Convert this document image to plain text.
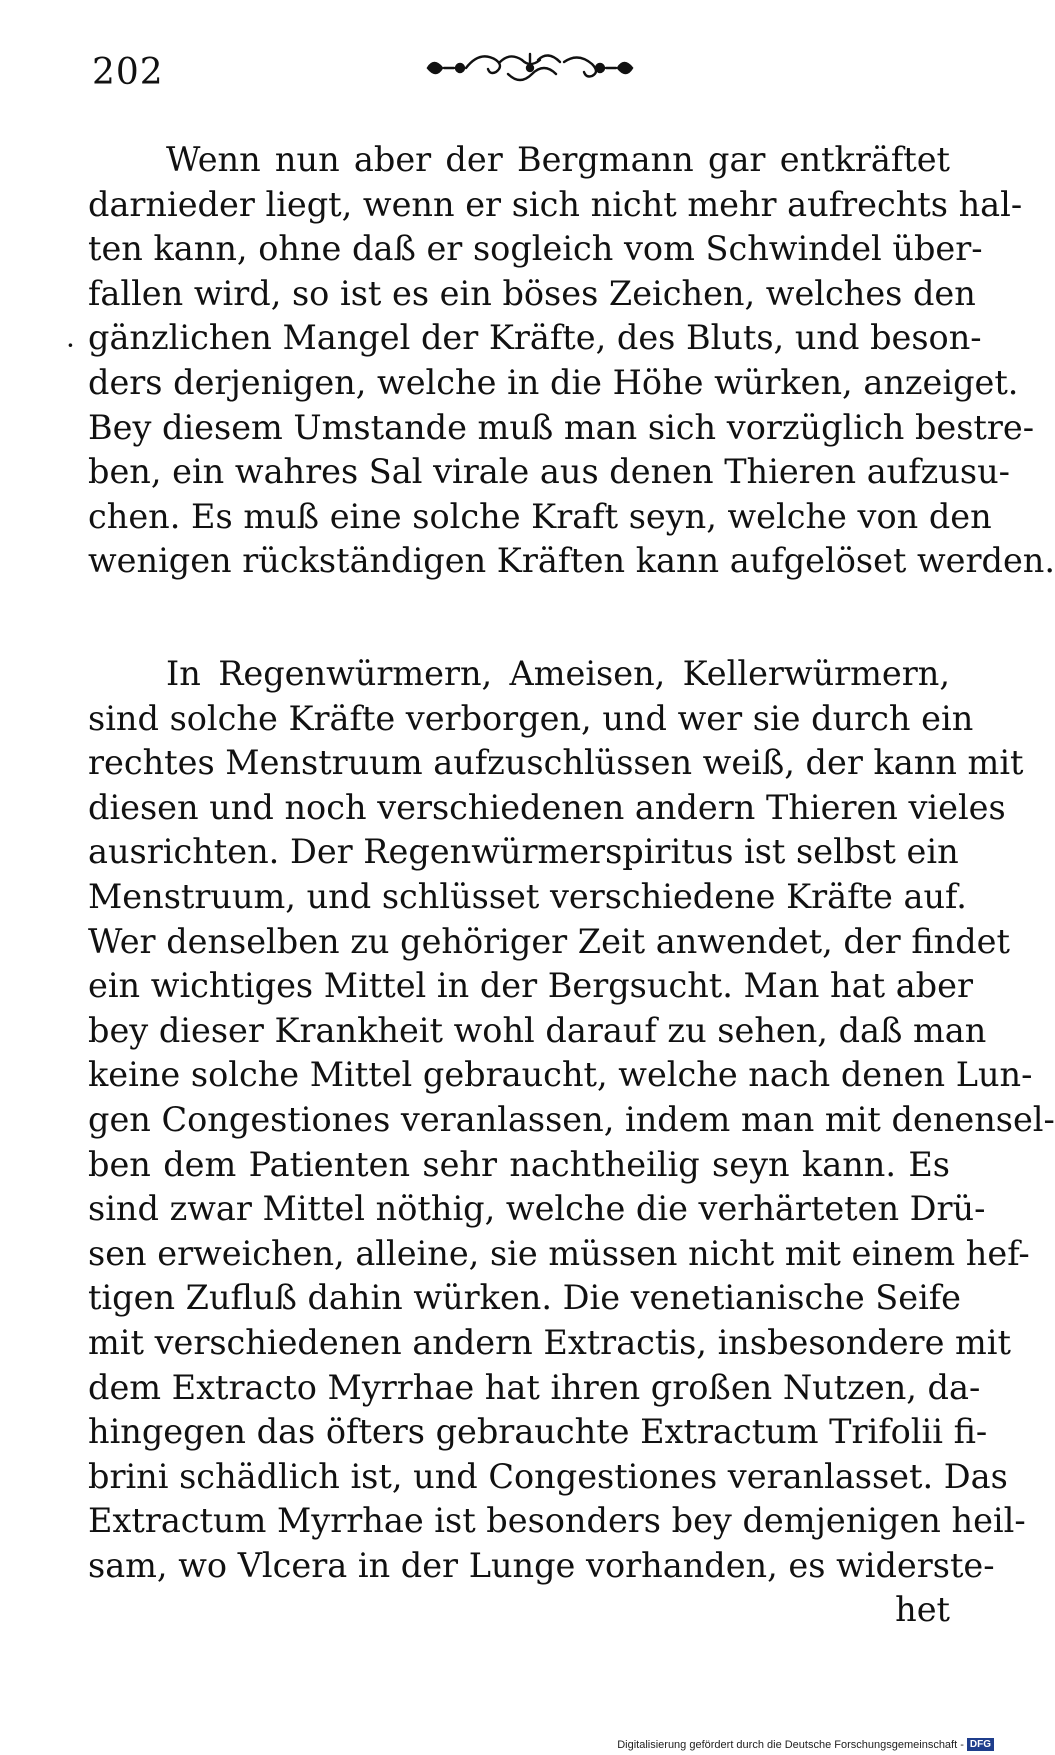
202
·
Wenn nun aber der Bergmann gar entkräftet
darnieder liegt, wenn er sich nicht mehr aufrechts hal-
ten kann, ohne daß er sogleich vom Schwindel über-
fallen wird, so ist es ein böses Zeichen, welches den
gänzlichen Mangel der Kräfte, des Bluts, und beson-
ders derjenigen, welche in die Höhe würken, anzeiget.
Bey diesem Umstande muß man sich vorzüglich bestre-
ben, ein wahres Sal virale aus denen Thieren aufzusu-
chen. Es muß eine solche Kraft seyn, welche von den
wenigen rückständigen Kräften kann aufgelöset werden.
In Regenwürmern, Ameisen, Kellerwürmern,
sind solche Kräfte verborgen, und wer sie durch ein
rechtes Menstruum aufzuschlüssen weiß, der kann mit
diesen und noch verschiedenen andern Thieren vieles
ausrichten. Der Regenwürmerspiritus ist selbst ein
Menstruum, und schlüsset verschiedene Kräfte auf.
Wer denselben zu gehöriger Zeit anwendet, der findet
ein wichtiges Mittel in der Bergsucht. Man hat aber
bey dieser Krankheit wohl darauf zu sehen, daß man
keine solche Mittel gebraucht, welche nach denen Lun-
gen Congestiones veranlassen, indem man mit denensel-
ben dem Patienten sehr nachtheilig seyn kann. Es
sind zwar Mittel nöthig, welche die verhärteten Drü-
sen erweichen, alleine, sie müssen nicht mit einem hef-
tigen Zufluß dahin würken. Die venetianische Seife
mit verschiedenen andern Extractis, insbesondere mit
dem Extracto Myrrhae hat ihren großen Nutzen, da-
hingegen das öfters gebrauchte Extractum Trifolii fi-
brini schädlich ist, und Congestiones veranlasset. Das
Extractum Myrrhae ist besonders bey demjenigen heil-
sam, wo Vlcera in der Lunge vorhanden, es widerste-
het
Digitalisierung gefördert durch die Deutsche Forschungsgemeinschaft - DFG
